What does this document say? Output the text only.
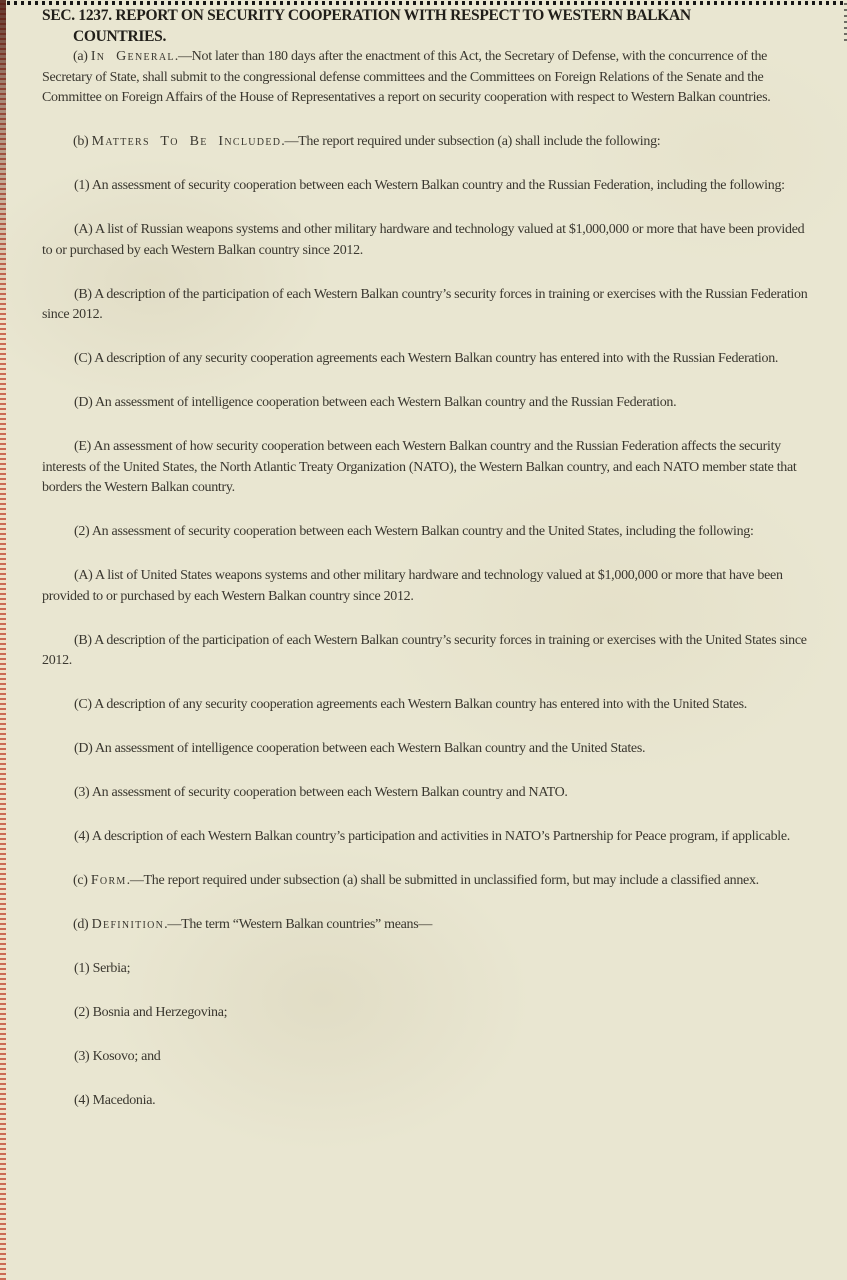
SEC. 1237. REPORT ON SECURITY COOPERATION WITH RESPECT TO WESTERN BALKAN
COUNTRIES.

(a) In General.—Not later than 180 days after the enactment of this Act, the Secretary of Defense, with the concurrence of the Secretary of State, shall submit to the congressional defense committees and the Committees on Foreign Relations of the Senate and the Committee on Foreign Affairs of the House of Representatives a report on security cooperation with respect to Western Balkan countries.

(b) Matters To Be Included.—The report required under subsection (a) shall include the following:

(1) An assessment of security cooperation between each Western Balkan country and the Russian Federation, including the following:

(A) A list of Russian weapons systems and other military hardware and technology valued at $1,000,000 or more that have been provided to or purchased by each Western Balkan country since 2012.

(B) A description of the participation of each Western Balkan country’s security forces in training or exercises with the Russian Federation since 2012.

(C) A description of any security cooperation agreements each Western Balkan country has entered into with the Russian Federation.

(D) An assessment of intelligence cooperation between each Western Balkan country and the Russian Federation.

(E) An assessment of how security cooperation between each Western Balkan country and the Russian Federation affects the security interests of the United States, the North Atlantic Treaty Organization (NATO), the Western Balkan country, and each NATO member state that borders the Western Balkan country.

(2) An assessment of security cooperation between each Western Balkan country and the United States, including the following:

(A) A list of United States weapons systems and other military hardware and technology valued at $1,000,000 or more that have been provided to or purchased by each Western Balkan country since 2012.

(B) A description of the participation of each Western Balkan country’s security forces in training or exercises with the United States since 2012.

(C) A description of any security cooperation agreements each Western Balkan country has entered into with the United States.

(D) An assessment of intelligence cooperation between each Western Balkan country and the United States.

(3) An assessment of security cooperation between each Western Balkan country and NATO.

(4) A description of each Western Balkan country’s participation and activities in NATO’s Partnership for Peace program, if applicable.

(c) Form.—The report required under subsection (a) shall be submitted in unclassified form, but may include a classified annex.

(d) Definition.—The term “Western Balkan countries” means—

(1) Serbia;

(2) Bosnia and Herzegovina;

(3) Kosovo; and

(4) Macedonia.
